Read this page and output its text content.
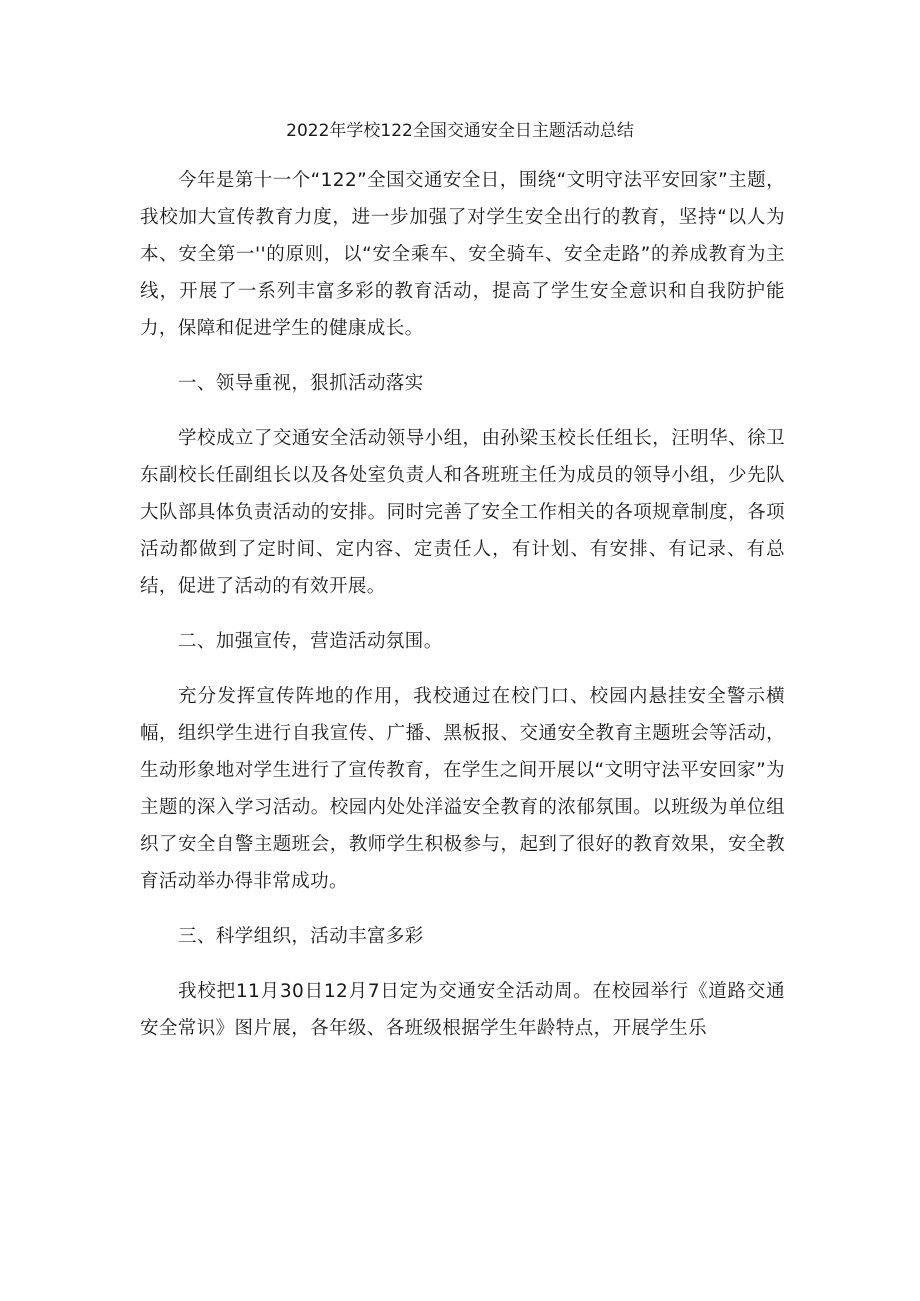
2022年学校122全国交通安全日主题活动总结

今年是第十一个“122”全国交通安全日，围绕“文明守法平安回家”主题，我校加大宣传教育力度，进一步加强了对学生安全出行的教育，坚持“以人为本、安全第一''的原则，以“安全乘车、安全骑车、安全走路”的养成教育为主线，开展了一系列丰富多彩的教育活动，提高了学生安全意识和自我防护能力，保障和促进学生的健康成长。

一、领导重视，狠抓活动落实

学校成立了交通安全活动领导小组，由孙梁玉校长任组长，汪明华、徐卫东副校长任副组长以及各处室负责人和各班班主任为成员的领导小组，少先队大队部具体负责活动的安排。同时完善了安全工作相关的各项规章制度，各项活动都做到了定时间、定内容、定责任人，有计划、有安排、有记录、有总结，促进了活动的有效开展。

二、加强宣传，营造活动氛围。

充分发挥宣传阵地的作用，我校通过在校门口、校园内悬挂安全警示横幅，组织学生进行自我宣传、广播、黑板报、交通安全教育主题班会等活动，生动形象地对学生进行了宣传教育，在学生之间开展以“文明守法平安回家”为主题的深入学习活动。校园内处处洋溢安全教育的浓郁氛围。以班级为单位组织了安全自警主题班会，教师学生积极参与，起到了很好的教育效果，安全教育活动举办得非常成功。

三、科学组织，活动丰富多彩

我校把11月30日12月7日定为交通安全活动周。在校园举行《道路交通安全常识》图片展，各年级、各班级根据学生年龄特点，开展学生乐
